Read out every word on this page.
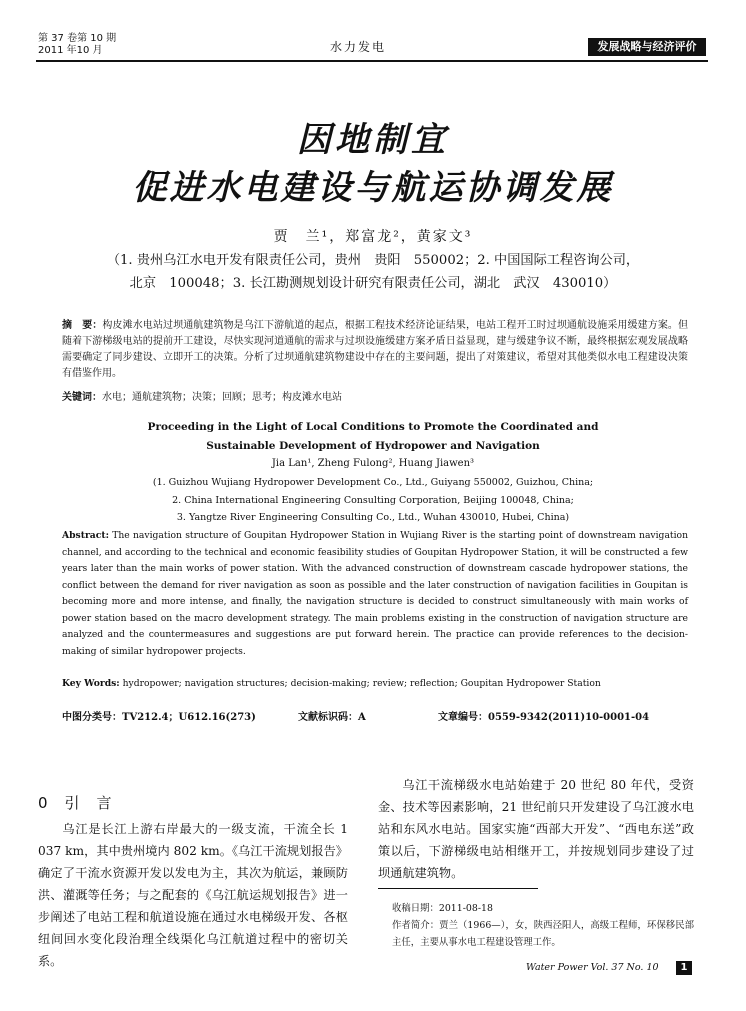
第 37 卷第 10 期
2011 年10 月	水力发电	发展战略与经济评价
因地制宜
促进水电建设与航运协调发展
贾　兰¹，郑富龙²，黄家文³
（1. 贵州乌江水电开发有限责任公司，贵州　贵阳　550002；2. 中国国际工程咨询公司，
北京　100048；3. 长江勘测规划设计研究有限责任公司，湖北　武汉　430010）
摘　要：构皮滩水电站过坝通航建筑物是乌江下游航道的起点，根据工程技术经济论证结果，电站工程开工时过坝通航设施采用缓建方案。但随着下游梯级电站的提前开工建设，尽快实现河道通航的需求与过坝设施缓建方案矛盾日益显现，建与缓建争议不断，最终根据宏观发展战略需要确定了同步建设、立即开工的决策。分析了过坝通航建筑物建设中存在的主要问题，提出了对策建议，希望对其他类似水电工程建设决策有借鉴作用。
关键词：水电；通航建筑物；决策；回顾；思考；构皮滩水电站
Proceeding in the Light of Local Conditions to Promote the Coordinated and
Sustainable Development of Hydropower and Navigation
Jia Lan¹, Zheng Fulong², Huang Jiawen³
(1. Guizhou Wujiang Hydropower Development Co., Ltd., Guiyang 550002, Guizhou, China;
2. China International Engineering Consulting Corporation, Beijing 100048, China;
3. Yangtze River Engineering Consulting Co., Ltd., Wuhan 430010, Hubei, China)
Abstract: The navigation structure of Goupitan Hydropower Station in Wujiang River is the starting point of downstream navigation channel, and according to the technical and economic feasibility studies of Goupitan Hydropower Station, it will be constructed a few years later than the main works of power station. With the advanced construction of downstream cascade hydropower stations, the conflict between the demand for river navigation as soon as possible and the later construction of navigation facilities in Goupitan is becoming more and more intense, and finally, the navigation structure is decided to construct simultaneously with main works of power station based on the macro development strategy. The main problems existing in the construction of navigation structure are analyzed and the countermeasures and suggestions are put forward herein. The practice can provide references to the decision-making of similar hydropower projects.
Key Words: hydropower; navigation structures; decision-making; review; reflection; Goupitan Hydropower Station
中图分类号：TV212.4；U612.16(273)	文献标识码：A	文章编号：0559-9342(2011)10-0001-04
0　引　言
乌江是长江上游右岸最大的一级支流，干流全长 1 037 km，其中贵州境内 802 km。《乌江干流规划报告》确定了干流水资源开发以发电为主，其次为航运，兼顾防洪、灌溉等任务；与之配套的《乌江航运规划报告》进一步阐述了电站工程和航道设施在通过水电梯级开发、各枢纽间回水变化段治理全线渠化乌江航道过程中的密切关系。
乌江干流梯级水电站始建于 20 世纪 80 年代，受资金、技术等因素影响，21 世纪前只开发建设了乌江渡水电站和东风水电站。国家实施“西部大开发”、“西电东送”政策以后，下游梯级电站相继开工，并按规划同步建设了过坝通航建筑物。
收稿日期：2011-08-18
作者简介：贾兰（1966—），女，陕西泾阳人，高级工程师，环保移民部主任，主要从事水电工程建设管理工作。
Water Power Vol. 37 No. 10	1
